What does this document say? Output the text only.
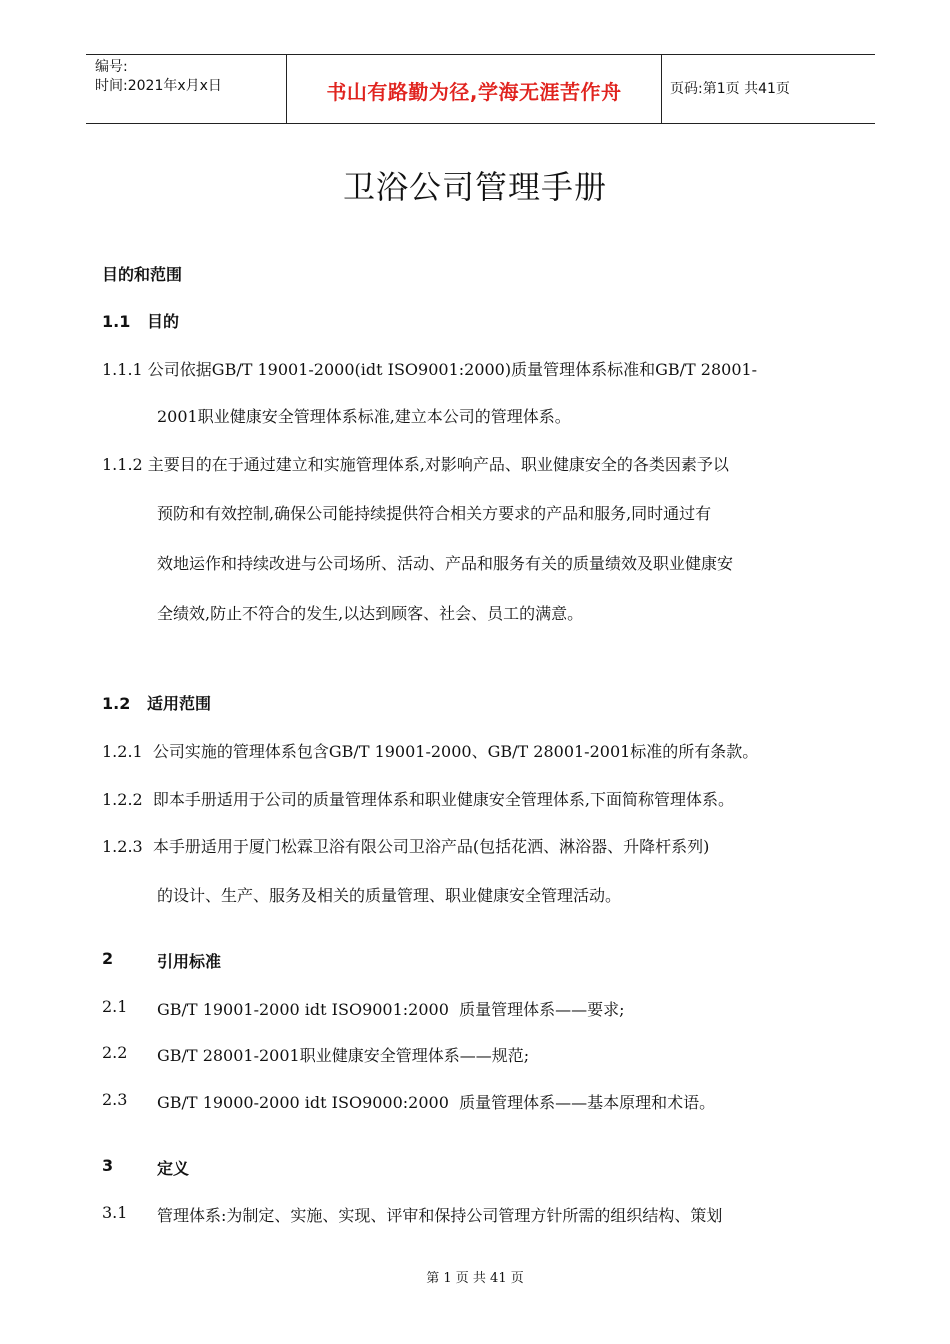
编号:
时间:2021年x月x日	书山有路勤为径,学海无涯苦作舟	页码:第1页 共41页
卫浴公司管理手册
目的和范围
1.1   目的
1.1.1 公司依据GB/T 19001-2000(idt ISO9001:2000)质量管理体系标准和GB/T 28001-
2001职业健康安全管理体系标准,建立本公司的管理体系。
1.1.2 主要目的在于通过建立和实施管理体系,对影响产品、职业健康安全的各类因素予以
预防和有效控制,确保公司能持续提供符合相关方要求的产品和服务,同时通过有
效地运作和持续改进与公司场所、活动、产品和服务有关的质量绩效及职业健康安
全绩效,防止不符合的发生,以达到顾客、社会、员工的满意。
1.2   适用范围
1.2.1  公司实施的管理体系包含GB/T 19001-2000、GB/T 28001-2001标准的所有条款。
1.2.2  即本手册适用于公司的质量管理体系和职业健康安全管理体系,下面简称管理体系。
1.2.3  本手册适用于厦门松霖卫浴有限公司卫浴产品(包括花洒、淋浴器、升降杆系列)
的设计、生产、服务及相关的质量管理、职业健康安全管理活动。
2	引用标准
2.1 GB/T 19001-2000 idt ISO9001:2000  质量管理体系——要求;
2.2 GB/T 28001-2001职业健康安全管理体系——规范;
2.3 GB/T 19000-2000 idt ISO9000:2000  质量管理体系——基本原理和术语。
3	定义
3.1 管理体系:为制定、实施、实现、评审和保持公司管理方针所需的组织结构、策划
第 1 页 共 41 页
